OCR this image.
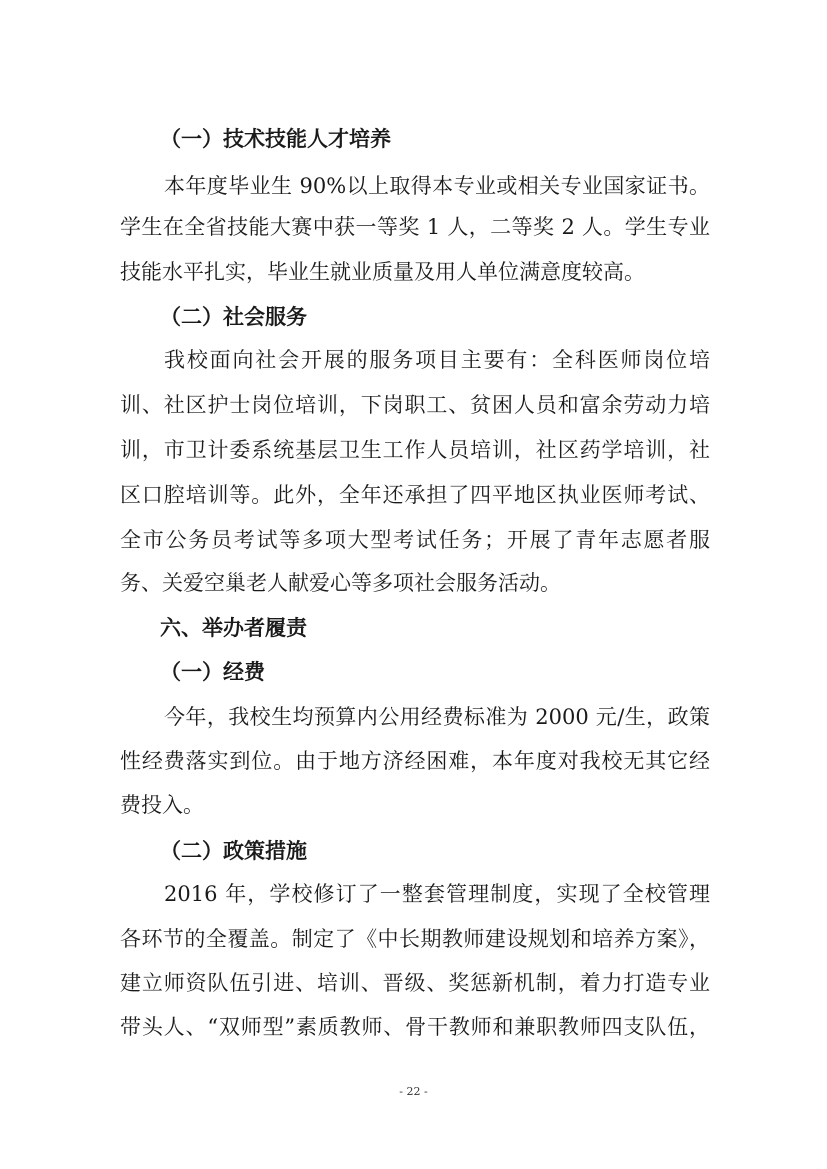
（一）技术技能人才培养
本年度毕业生 90%以上取得本专业或相关专业国家证书。
学生在全省技能大赛中获一等奖 1 人，二等奖 2 人。学生专业
技能水平扎实，毕业生就业质量及用人单位满意度较高。
（二）社会服务
我校面向社会开展的服务项目主要有：全科医师岗位培
训、社区护士岗位培训，下岗职工、贫困人员和富余劳动力培
训，市卫计委系统基层卫生工作人员培训，社区药学培训，社
区口腔培训等。此外，全年还承担了四平地区执业医师考试、
全市公务员考试等多项大型考试任务；开展了青年志愿者服
务、关爱空巢老人献爱心等多项社会服务活动。
六、举办者履责
（一）经费
今年，我校生均预算内公用经费标准为 2000 元/生，政策
性经费落实到位。由于地方济经困难，本年度对我校无其它经
费投入。
（二）政策措施
2016 年，学校修订了一整套管理制度，实现了全校管理
各环节的全覆盖。制定了《中长期教师建设规划和培养方案》，
建立师资队伍引进、培训、晋级、奖惩新机制，着力打造专业
带头人、“双师型”素质教师、骨干教师和兼职教师四支队伍，
- 22 -
